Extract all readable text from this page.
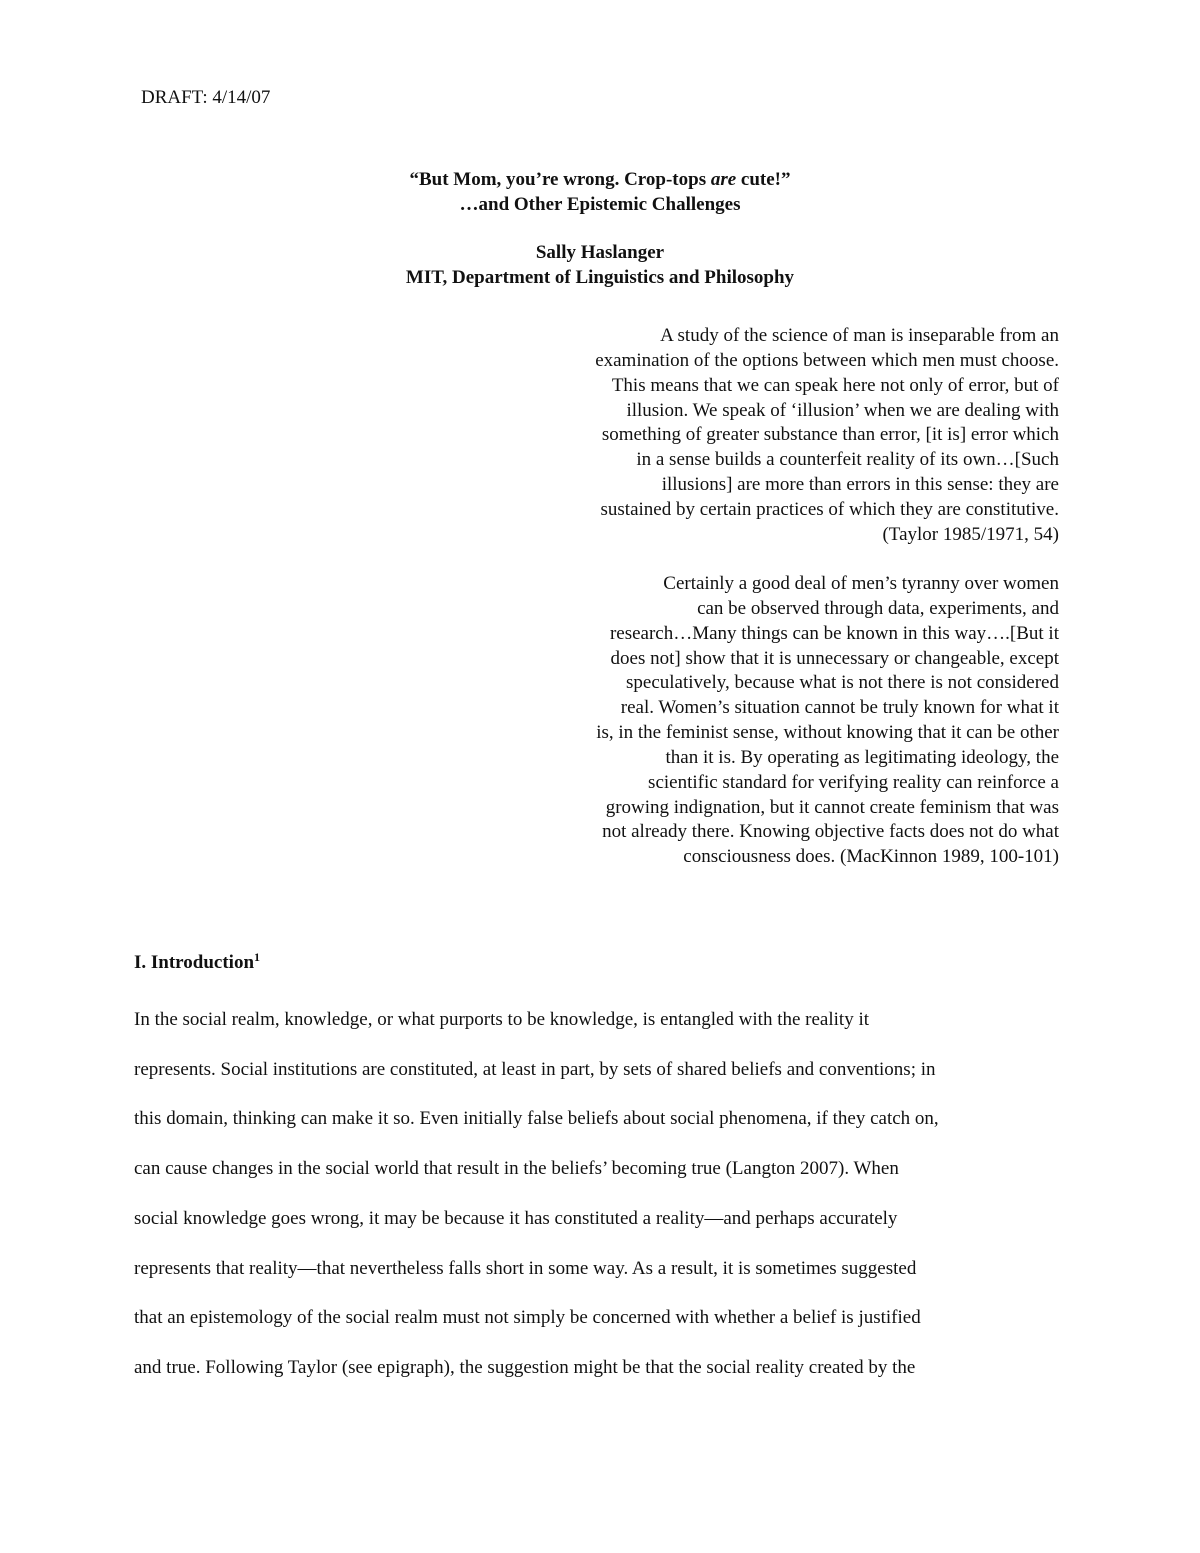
DRAFT: 4/14/07
“But Mom, you’re wrong. Crop-tops are cute!”
…and Other Epistemic Challenges
Sally Haslanger
MIT, Department of Linguistics and Philosophy
A study of the science of man is inseparable from an
examination of the options between which men must choose.
This means that we can speak here not only of error, but of
illusion. We speak of ‘illusion’ when we are dealing with
something of greater substance than error, [it is] error which
in a sense builds a counterfeit reality of its own…[Such
illusions] are more than errors in this sense: they are
sustained by certain practices of which they are constitutive.
(Taylor 1985/1971, 54)
Certainly a good deal of men’s tyranny over women
can be observed through data, experiments, and
research…Many things can be known in this way….[But it
does not] show that it is unnecessary or changeable, except
speculatively, because what is not there is not considered
real. Women’s situation cannot be truly known for what it
is, in the feminist sense, without knowing that it can be other
than it is. By operating as legitimating ideology, the
scientific standard for verifying reality can reinforce a
growing indignation, but it cannot create feminism that was
not already there. Knowing objective facts does not do what
consciousness does. (MacKinnon 1989, 100-101)
I. Introduction$^1$
In the social realm, knowledge, or what purports to be knowledge, is entangled with the reality it
represents. Social institutions are constituted, at least in part, by sets of shared beliefs and conventions; in
this domain, thinking can make it so. Even initially false beliefs about social phenomena, if they catch on,
can cause changes in the social world that result in the beliefs’ becoming true (Langton 2007). When
social knowledge goes wrong, it may be because it has constituted a reality—and perhaps accurately
represents that reality—that nevertheless falls short in some way. As a result, it is sometimes suggested
that an epistemology of the social realm must not simply be concerned with whether a belief is justified
and true. Following Taylor (see epigraph), the suggestion might be that the social reality created by the
